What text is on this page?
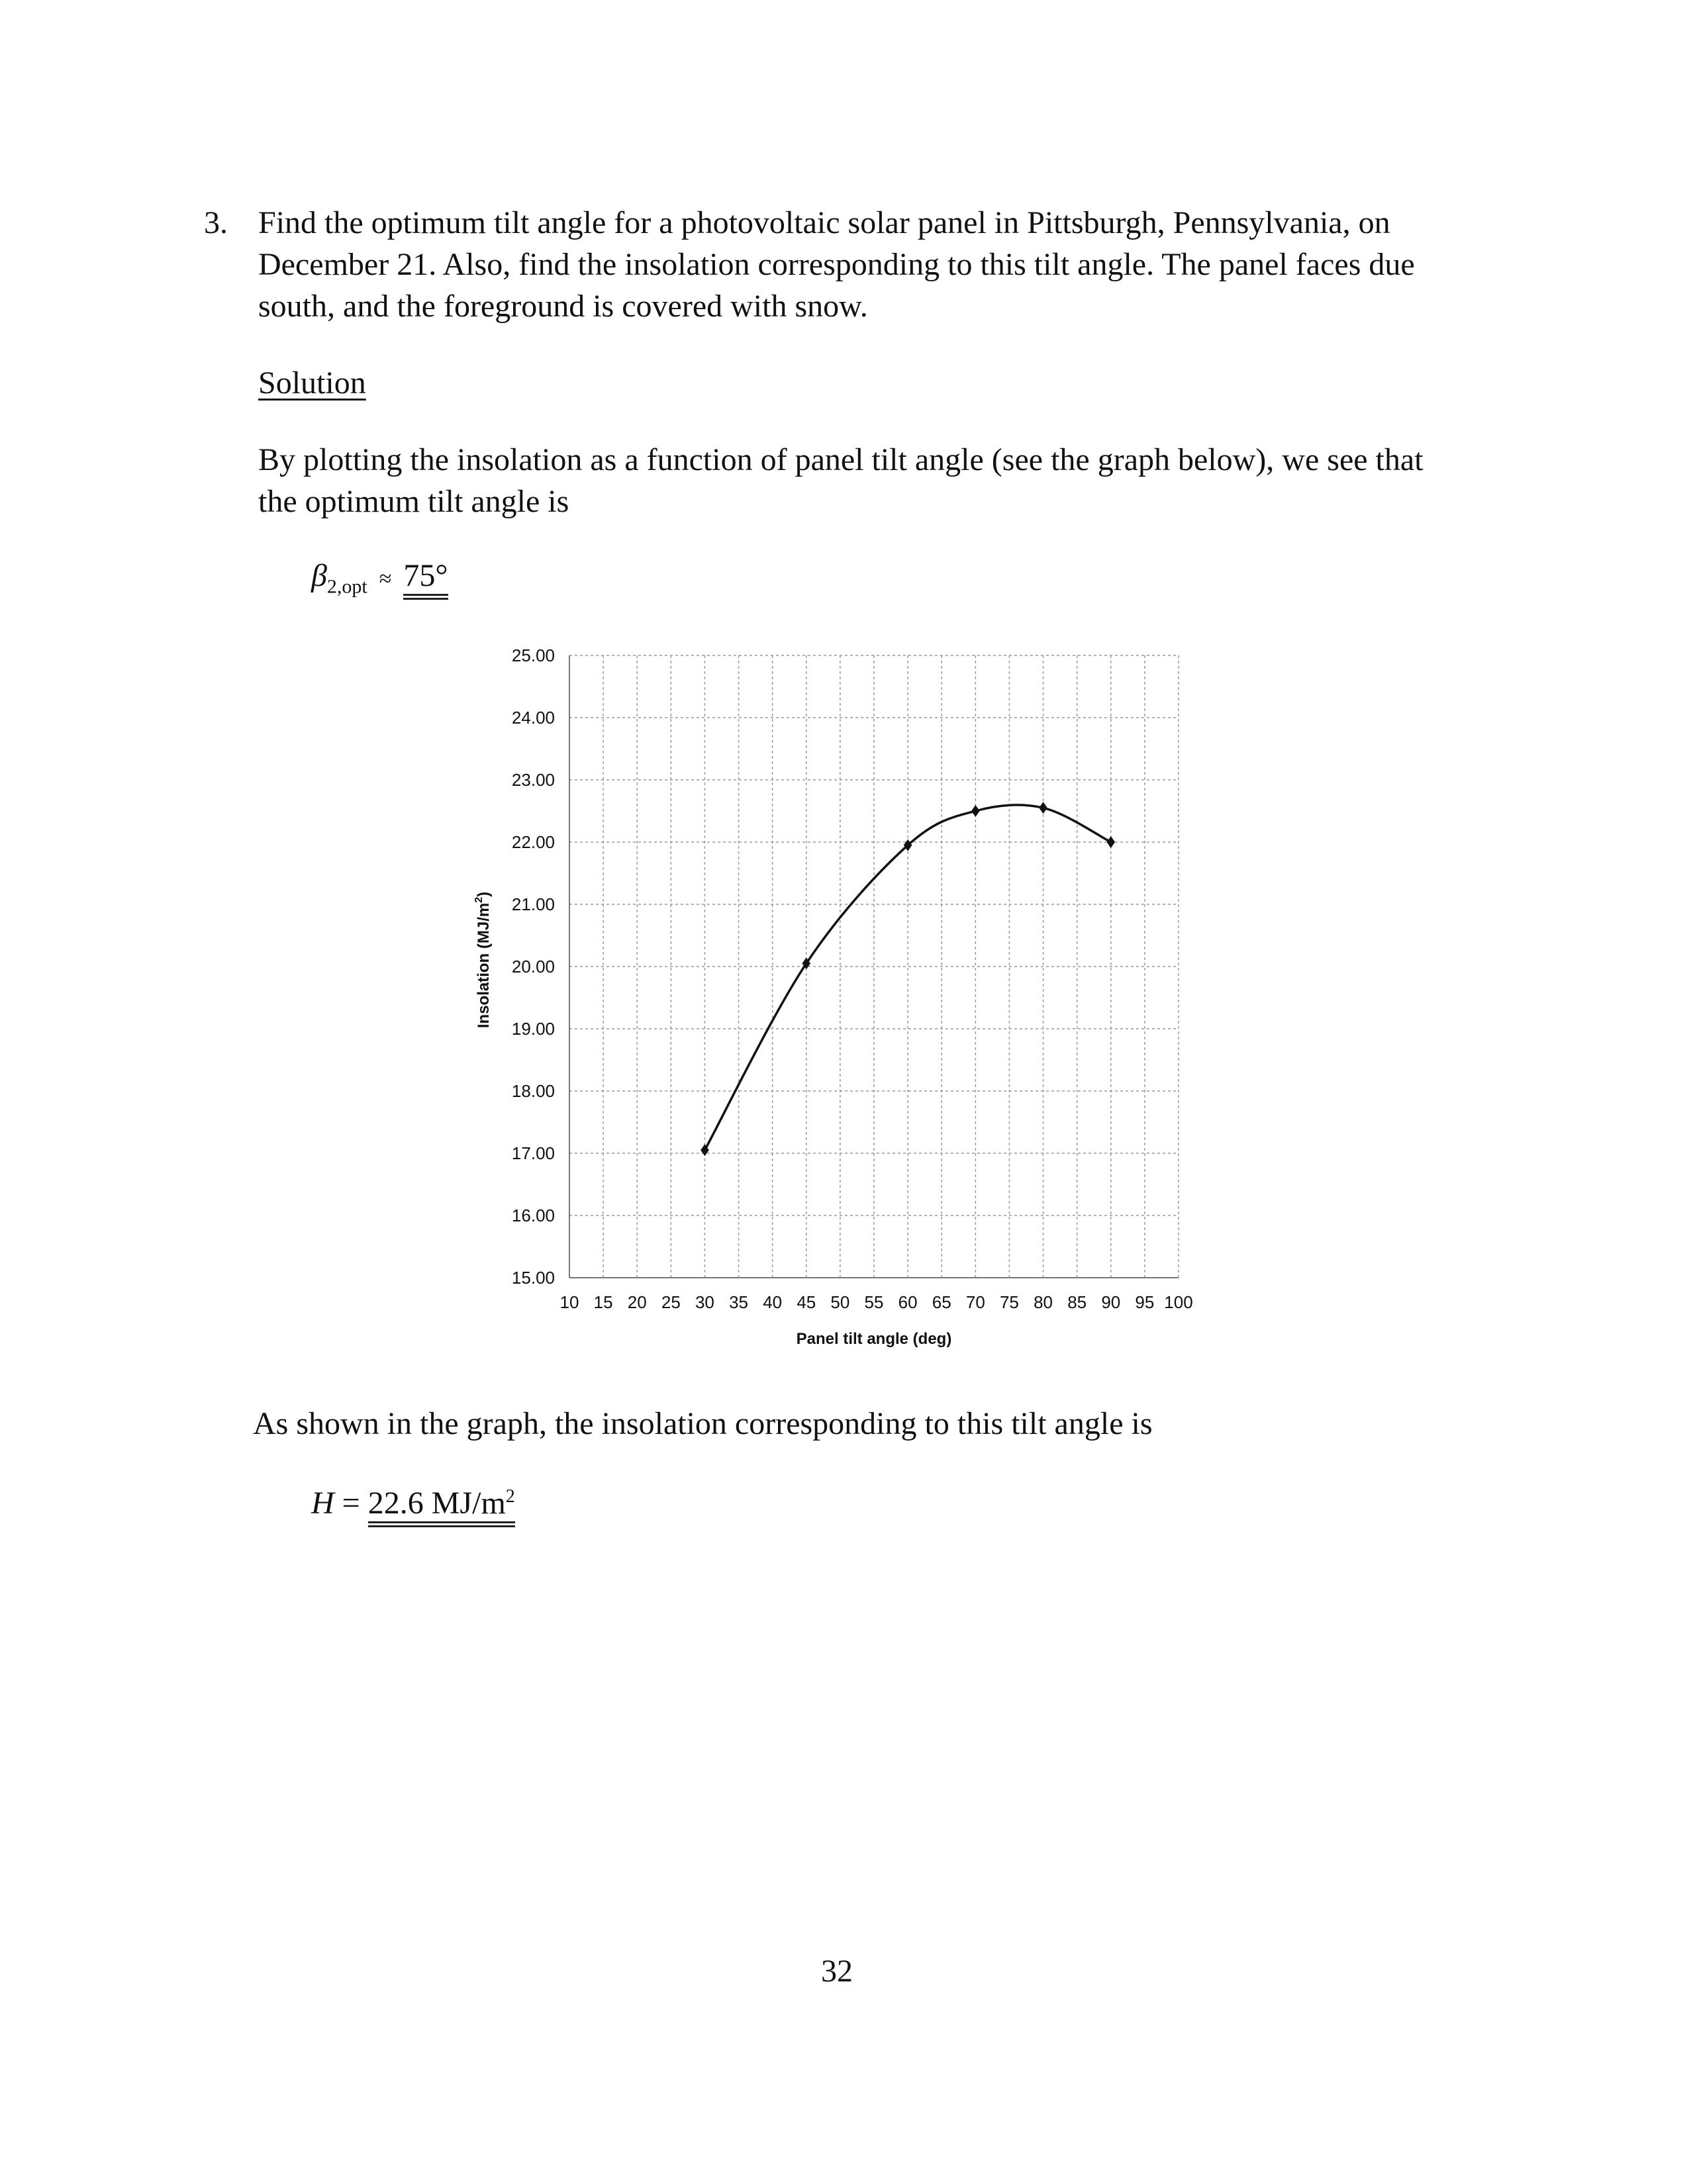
3. Find the optimum tilt angle for a photovoltaic solar panel in Pittsburgh, Pennsylvania, on
December 21. Also, find the insolation corresponding to this tilt angle. The panel faces due
south, and the foreground is covered with snow.
Solution
By plotting the insolation as a function of panel tilt angle (see the graph below), we see that
the optimum tilt angle is
$\beta_{2,opt} \approx 75^\circ$
10 15 20 25 30 35 40 45 50 55 60 65 70 75 80 85 90 95 100
15.00
16.00
17.00
18.00
19.00
20.00
21.00
22.00
23.00
24.00
25.00
Insolation $(MJ/m^2)$
Panel tilt angle (deg)
As shown in the graph, the insolation corresponding to this tilt angle is
H = 22.6 $MJ/m^2$
32
